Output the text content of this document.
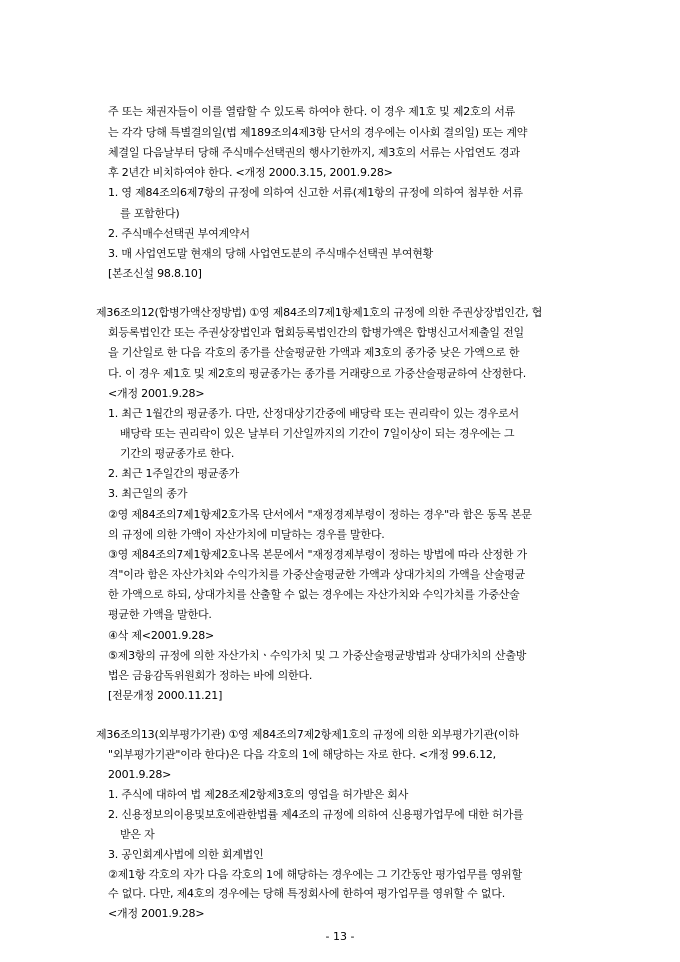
주 또는 채권자들이 이를 열람할 수 있도록 하여야 한다. 이 경우 제1호 및 제2호의 서류
는 각각 당해 특별결의일(법 제189조의4제3항 단서의 경우에는 이사회 결의일) 또는 계약
체결일 다음날부터 당해 주식매수선택권의 행사기한까지, 제3호의 서류는 사업연도 경과
후 2년간 비치하여야 한다. <개정 2000.3.15, 2001.9.28>
1. 영 제84조의6제7항의 규정에 의하여 신고한 서류(제1항의 규정에 의하여 첨부한 서류
를 포함한다)
2. 주식매수선택권 부여계약서
3. 매 사업연도말 현재의 당해 사업연도분의 주식매수선택권 부여현황
[본조신설 98.8.10]
제36조의12(합병가액산정방법) ①영 제84조의7제1항제1호의 규정에 의한 주권상장법인간, 협
회등록법인간 또는 주권상장법인과 협회등록법인간의 합병가액은 합병신고서제출일 전일
을 기산일로 한 다음 각호의 종가를 산술평균한 가액과 제3호의 종가중 낮은 가액으로 한
다. 이 경우 제1호 및 제2호의 평균종가는 종가를 거래량으로 가중산술평균하여 산정한다.
<개정 2001.9.28>
1. 최근 1월간의 평균종가. 다만, 산정대상기간중에 배당락 또는 권리락이 있는 경우로서
배당락 또는 권리락이 있은 날부터 기산일까지의 기간이 7일이상이 되는 경우에는 그
기간의 평균종가로 한다.
2. 최근 1주일간의 평균종가
3. 최근일의 종가
②영 제84조의7제1항제2호가목 단서에서 "재정경제부령이 정하는 경우"라 함은 동목 본문
의 규정에 의한 가액이 자산가치에 미달하는 경우를 말한다.
③영 제84조의7제1항제2호나목 본문에서 "재정경제부령이 정하는 방법에 따라 산정한 가
격"이라 함은 자산가치와 수익가치를 가중산술평균한 가액과 상대가치의 가액을 산술평균
한 가액으로 하되, 상대가치를 산출할 수 없는 경우에는 자산가치와 수익가치를 가중산술
평균한 가액을 말한다.
④삭 제<2001.9.28>
⑤제3항의 규정에 의한 자산가치ㆍ수익가치 및 그 가중산술평균방법과 상대가치의 산출방
법은 금융감독위원회가 정하는 바에 의한다.
[전문개정 2000.11.21]
제36조의13(외부평가기관) ①영 제84조의7제2항제1호의 규정에 의한 외부평가기관(이하
"외부평가기관"이라 한다)은 다음 각호의 1에 해당하는 자로 한다. <개정 99.6.12,
2001.9.28>
1. 주식에 대하여 법 제28조제2항제3호의 영업을 허가받은 회사
2. 신용정보의이용및보호에관한법률 제4조의 규정에 의하여 신용평가업무에 대한 허가를
받은 자
3. 공인회계사법에 의한 회계법인
②제1항 각호의 자가 다음 각호의 1에 해당하는 경우에는 그 기간동안 평가업무를 영위할
수 없다. 다만, 제4호의 경우에는 당해 특정회사에 한하여 평가업무를 영위할 수 없다.
<개정 2001.9.28>
- 13 -
